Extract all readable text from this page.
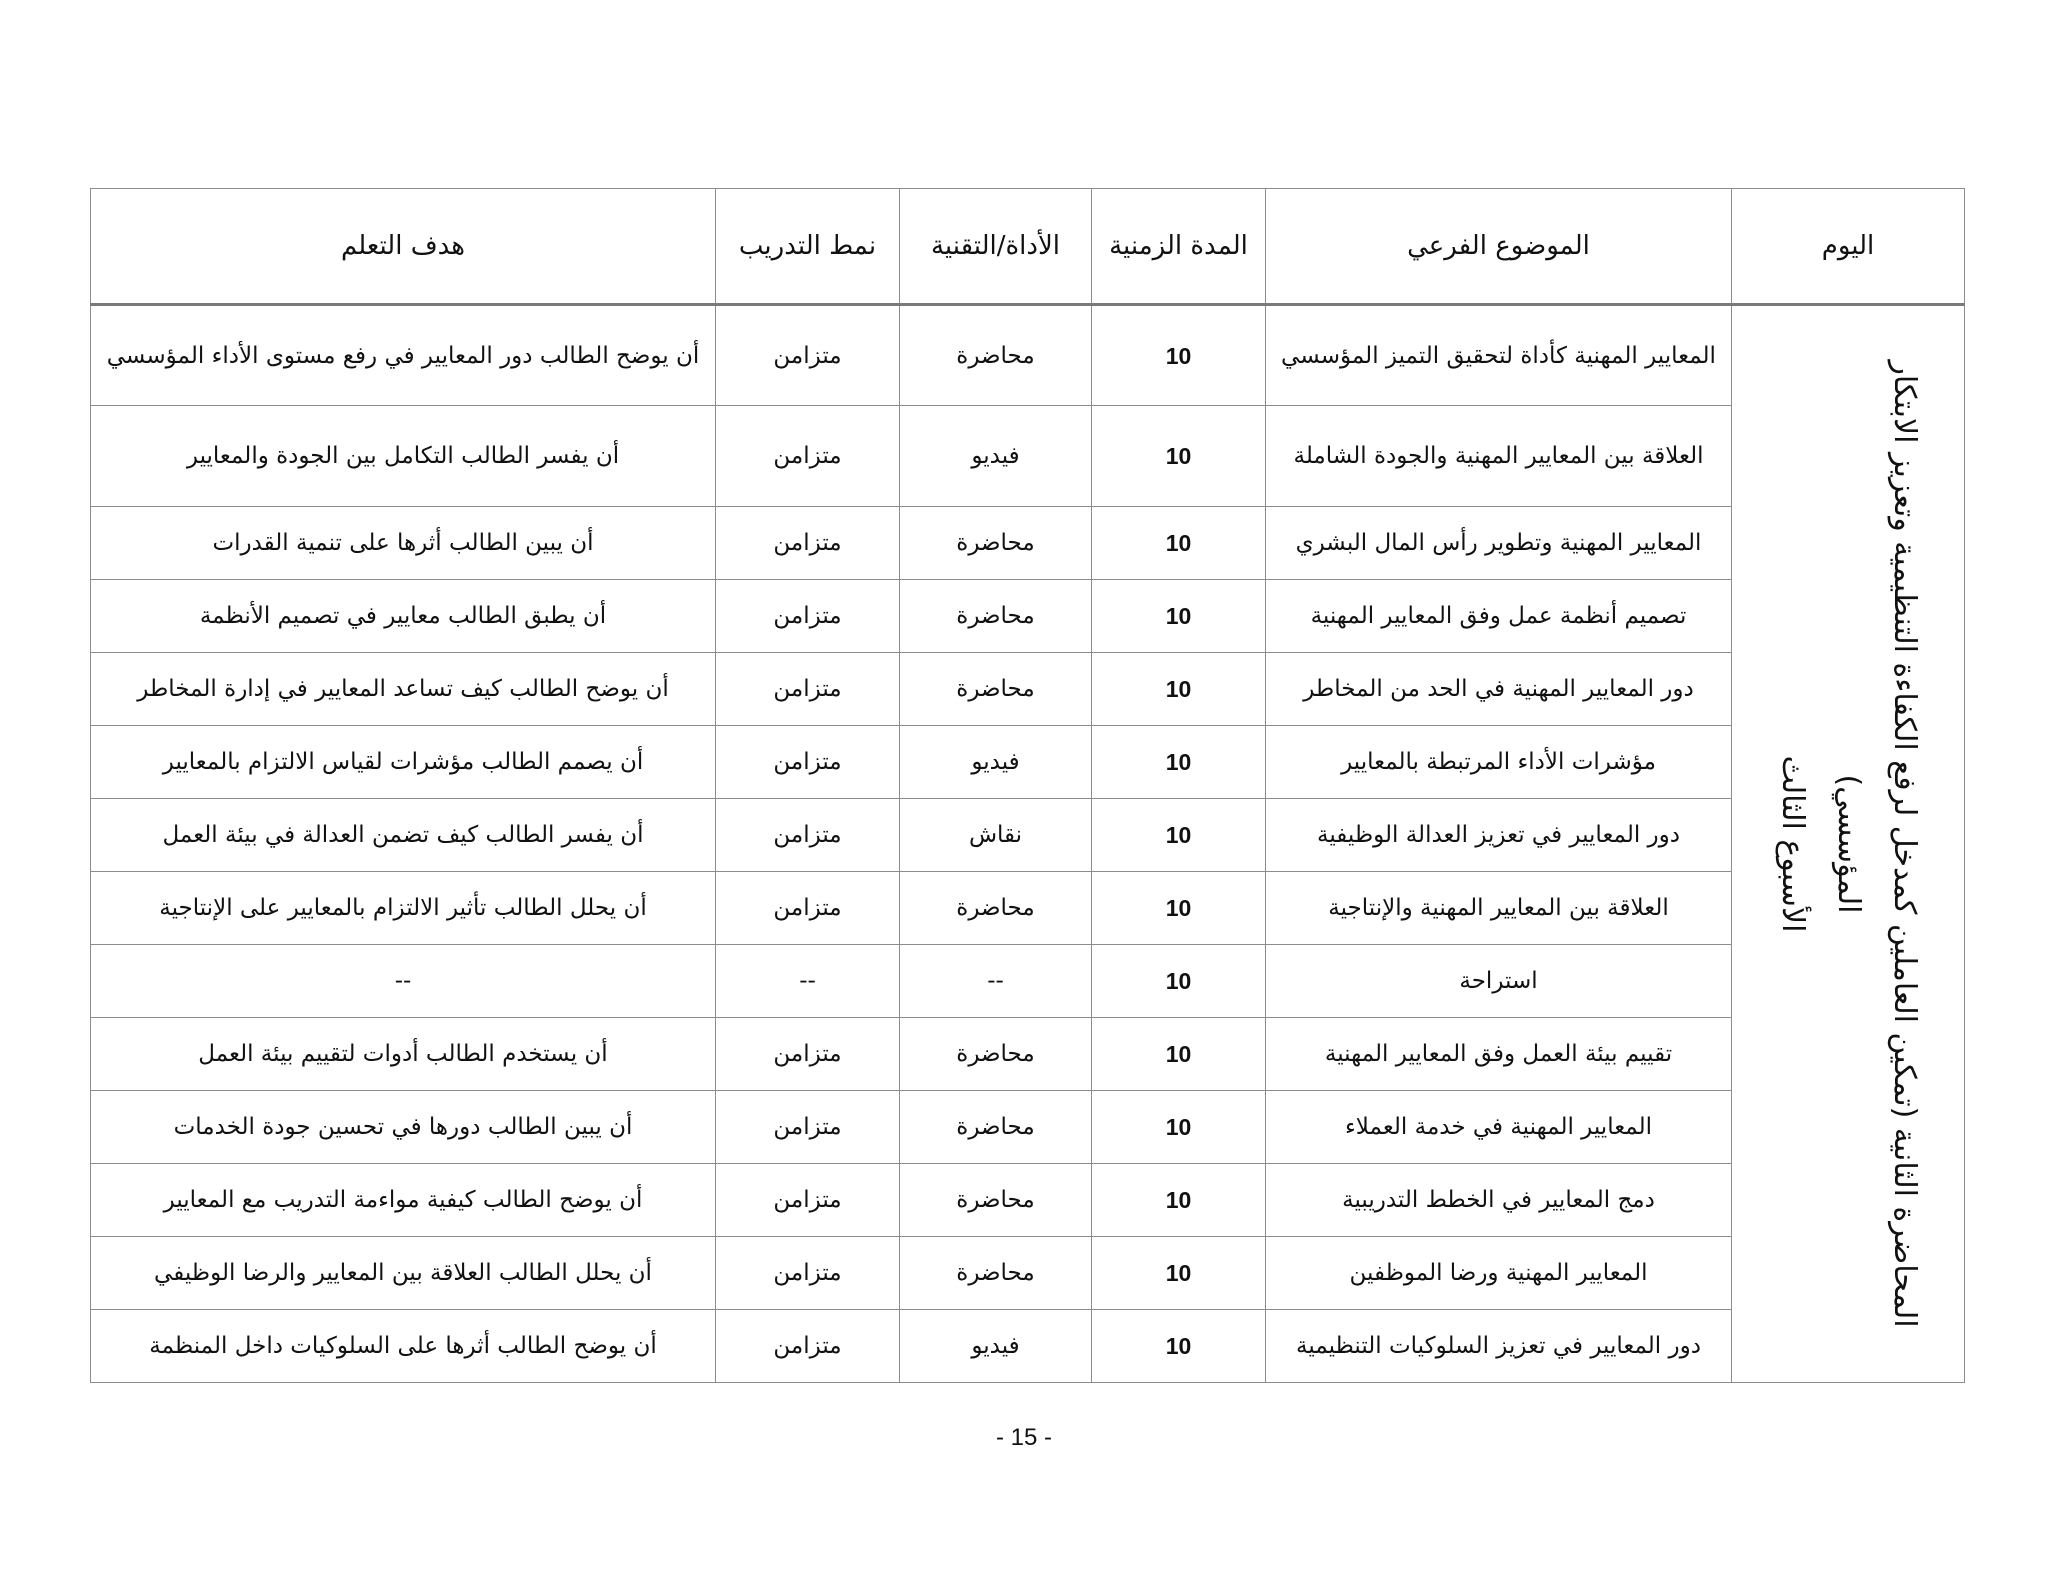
اليوم	الموضوع الفرعي	المدة الزمنية	الأداة/التقنية	نمط التدريب	هدف التعلم

المحاضرة الثانية (تمكين العاملين كمدخل لرفع الكفاءة التنظيمية وتعزيز الابتكار المؤسسي)
الأسبوع الثالث	المعايير المهنية كأداة لتحقيق التميز المؤسسي	10	محاضرة	متزامن	أن يوضح الطالب دور المعايير في رفع مستوى الأداء المؤسسي
	العلاقة بين المعايير المهنية والجودة الشاملة	10	فيديو	متزامن	أن يفسر الطالب التكامل بين الجودة والمعايير
	المعايير المهنية وتطوير رأس المال البشري	10	محاضرة	متزامن	أن يبين الطالب أثرها على تنمية القدرات
	تصميم أنظمة عمل وفق المعايير المهنية	10	محاضرة	متزامن	أن يطبق الطالب معايير في تصميم الأنظمة
	دور المعايير المهنية في الحد من المخاطر	10	محاضرة	متزامن	أن يوضح الطالب كيف تساعد المعايير في إدارة المخاطر
	مؤشرات الأداء المرتبطة بالمعايير	10	فيديو	متزامن	أن يصمم الطالب مؤشرات لقياس الالتزام بالمعايير
	دور المعايير في تعزيز العدالة الوظيفية	10	نقاش	متزامن	أن يفسر الطالب كيف تضمن العدالة في بيئة العمل
	العلاقة بين المعايير المهنية والإنتاجية	10	محاضرة	متزامن	أن يحلل الطالب تأثير الالتزام بالمعايير على الإنتاجية
	استراحة	10	--	--	--
	تقييم بيئة العمل وفق المعايير المهنية	10	محاضرة	متزامن	أن يستخدم الطالب أدوات لتقييم بيئة العمل
	المعايير المهنية في خدمة العملاء	10	محاضرة	متزامن	أن يبين الطالب دورها في تحسين جودة الخدمات
	دمج المعايير في الخطط التدريبية	10	محاضرة	متزامن	أن يوضح الطالب كيفية مواءمة التدريب مع المعايير
	المعايير المهنية ورضا الموظفين	10	محاضرة	متزامن	أن يحلل الطالب العلاقة بين المعايير والرضا الوظيفي
	دور المعايير في تعزيز السلوكيات التنظيمية	10	فيديو	متزامن	أن يوضح الطالب أثرها على السلوكيات داخل المنظمة
- 15 -
